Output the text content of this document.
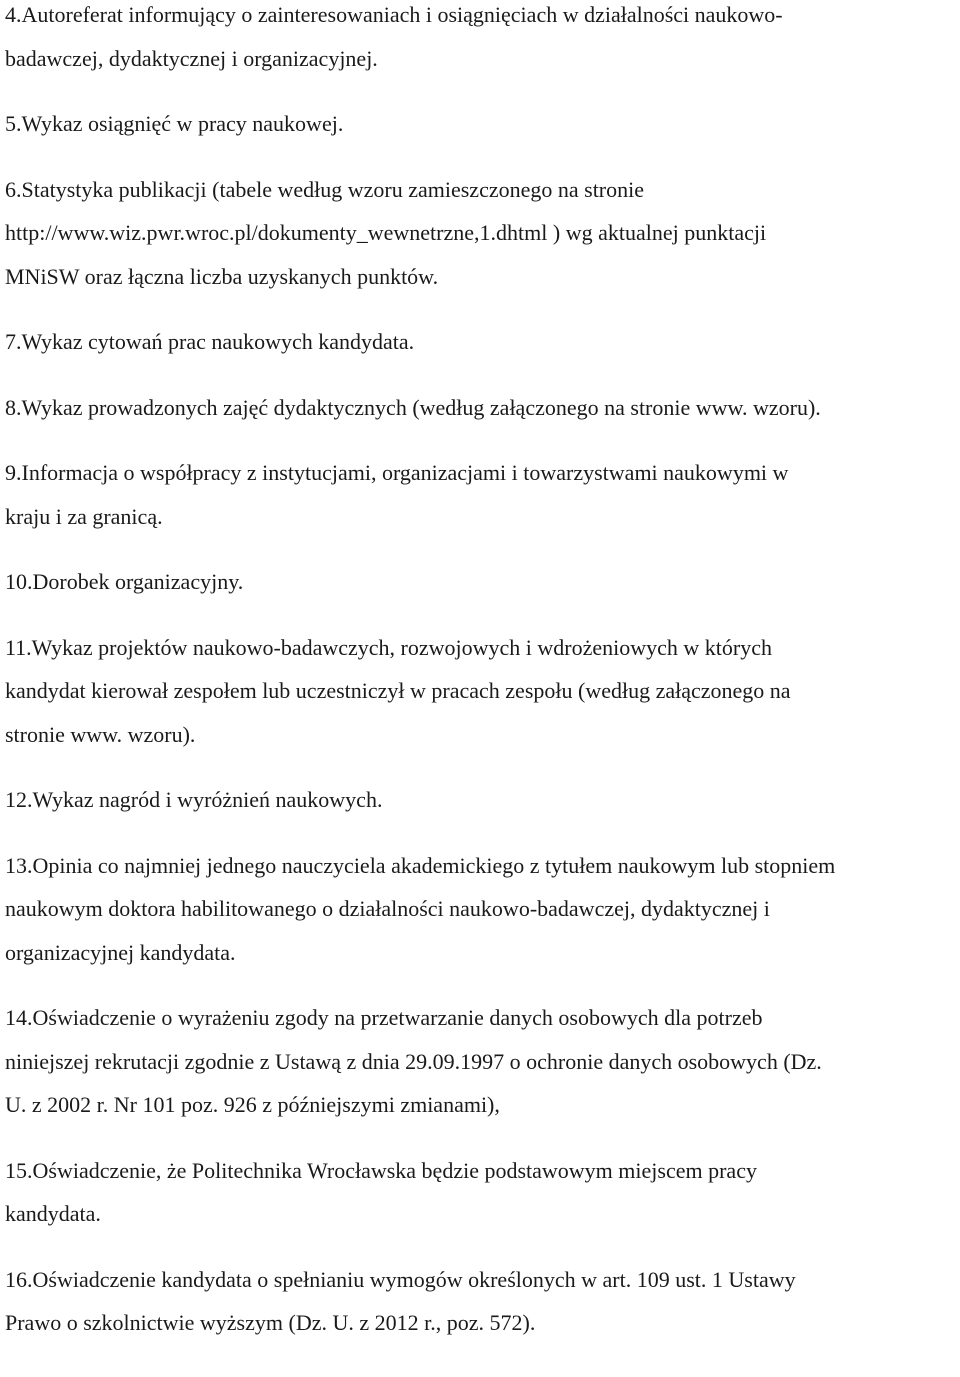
4.Autoreferat informujący o zainteresowaniach i osiągnięciach w działalności naukowo-
badawczej, dydaktycznej i organizacyjnej.
5.Wykaz osiągnięć w pracy naukowej.
6.Statystyka publikacji (tabele według wzoru zamieszczonego na stronie
http://www.wiz.pwr.wroc.pl/dokumenty_wewnetrzne,1.dhtml ) wg aktualnej punktacji
MNiSW oraz łączna liczba uzyskanych punktów.
7.Wykaz cytowań prac naukowych kandydata.
8.Wykaz prowadzonych zajęć dydaktycznych (według załączonego na stronie www. wzoru).
9.Informacja o współpracy z instytucjami, organizacjami i towarzystwami naukowymi w
kraju i za granicą.
10.Dorobek organizacyjny.
11.Wykaz projektów naukowo-badawczych, rozwojowych i wdrożeniowych w których
kandydat kierował zespołem lub uczestniczył w pracach zespołu (według załączonego na
stronie www. wzoru).
12.Wykaz nagród i wyróżnień naukowych.
13.Opinia co najmniej jednego nauczyciela akademickiego z tytułem naukowym lub stopniem
naukowym doktora habilitowanego o działalności naukowo-badawczej, dydaktycznej i
organizacyjnej kandydata.
14.Oświadczenie o wyrażeniu zgody na przetwarzanie danych osobowych dla potrzeb
niniejszej rekrutacji zgodnie z Ustawą z dnia 29.09.1997 o ochronie danych osobowych (Dz.
U. z 2002 r. Nr 101 poz. 926 z późniejszymi zmianami),
15.Oświadczenie, że Politechnika Wrocławska będzie podstawowym miejscem pracy
kandydata.
16.Oświadczenie kandydata o spełnianiu wymogów określonych w art. 109 ust. 1 Ustawy
Prawo o szkolnictwie wyższym (Dz. U. z 2012 r., poz. 572).
